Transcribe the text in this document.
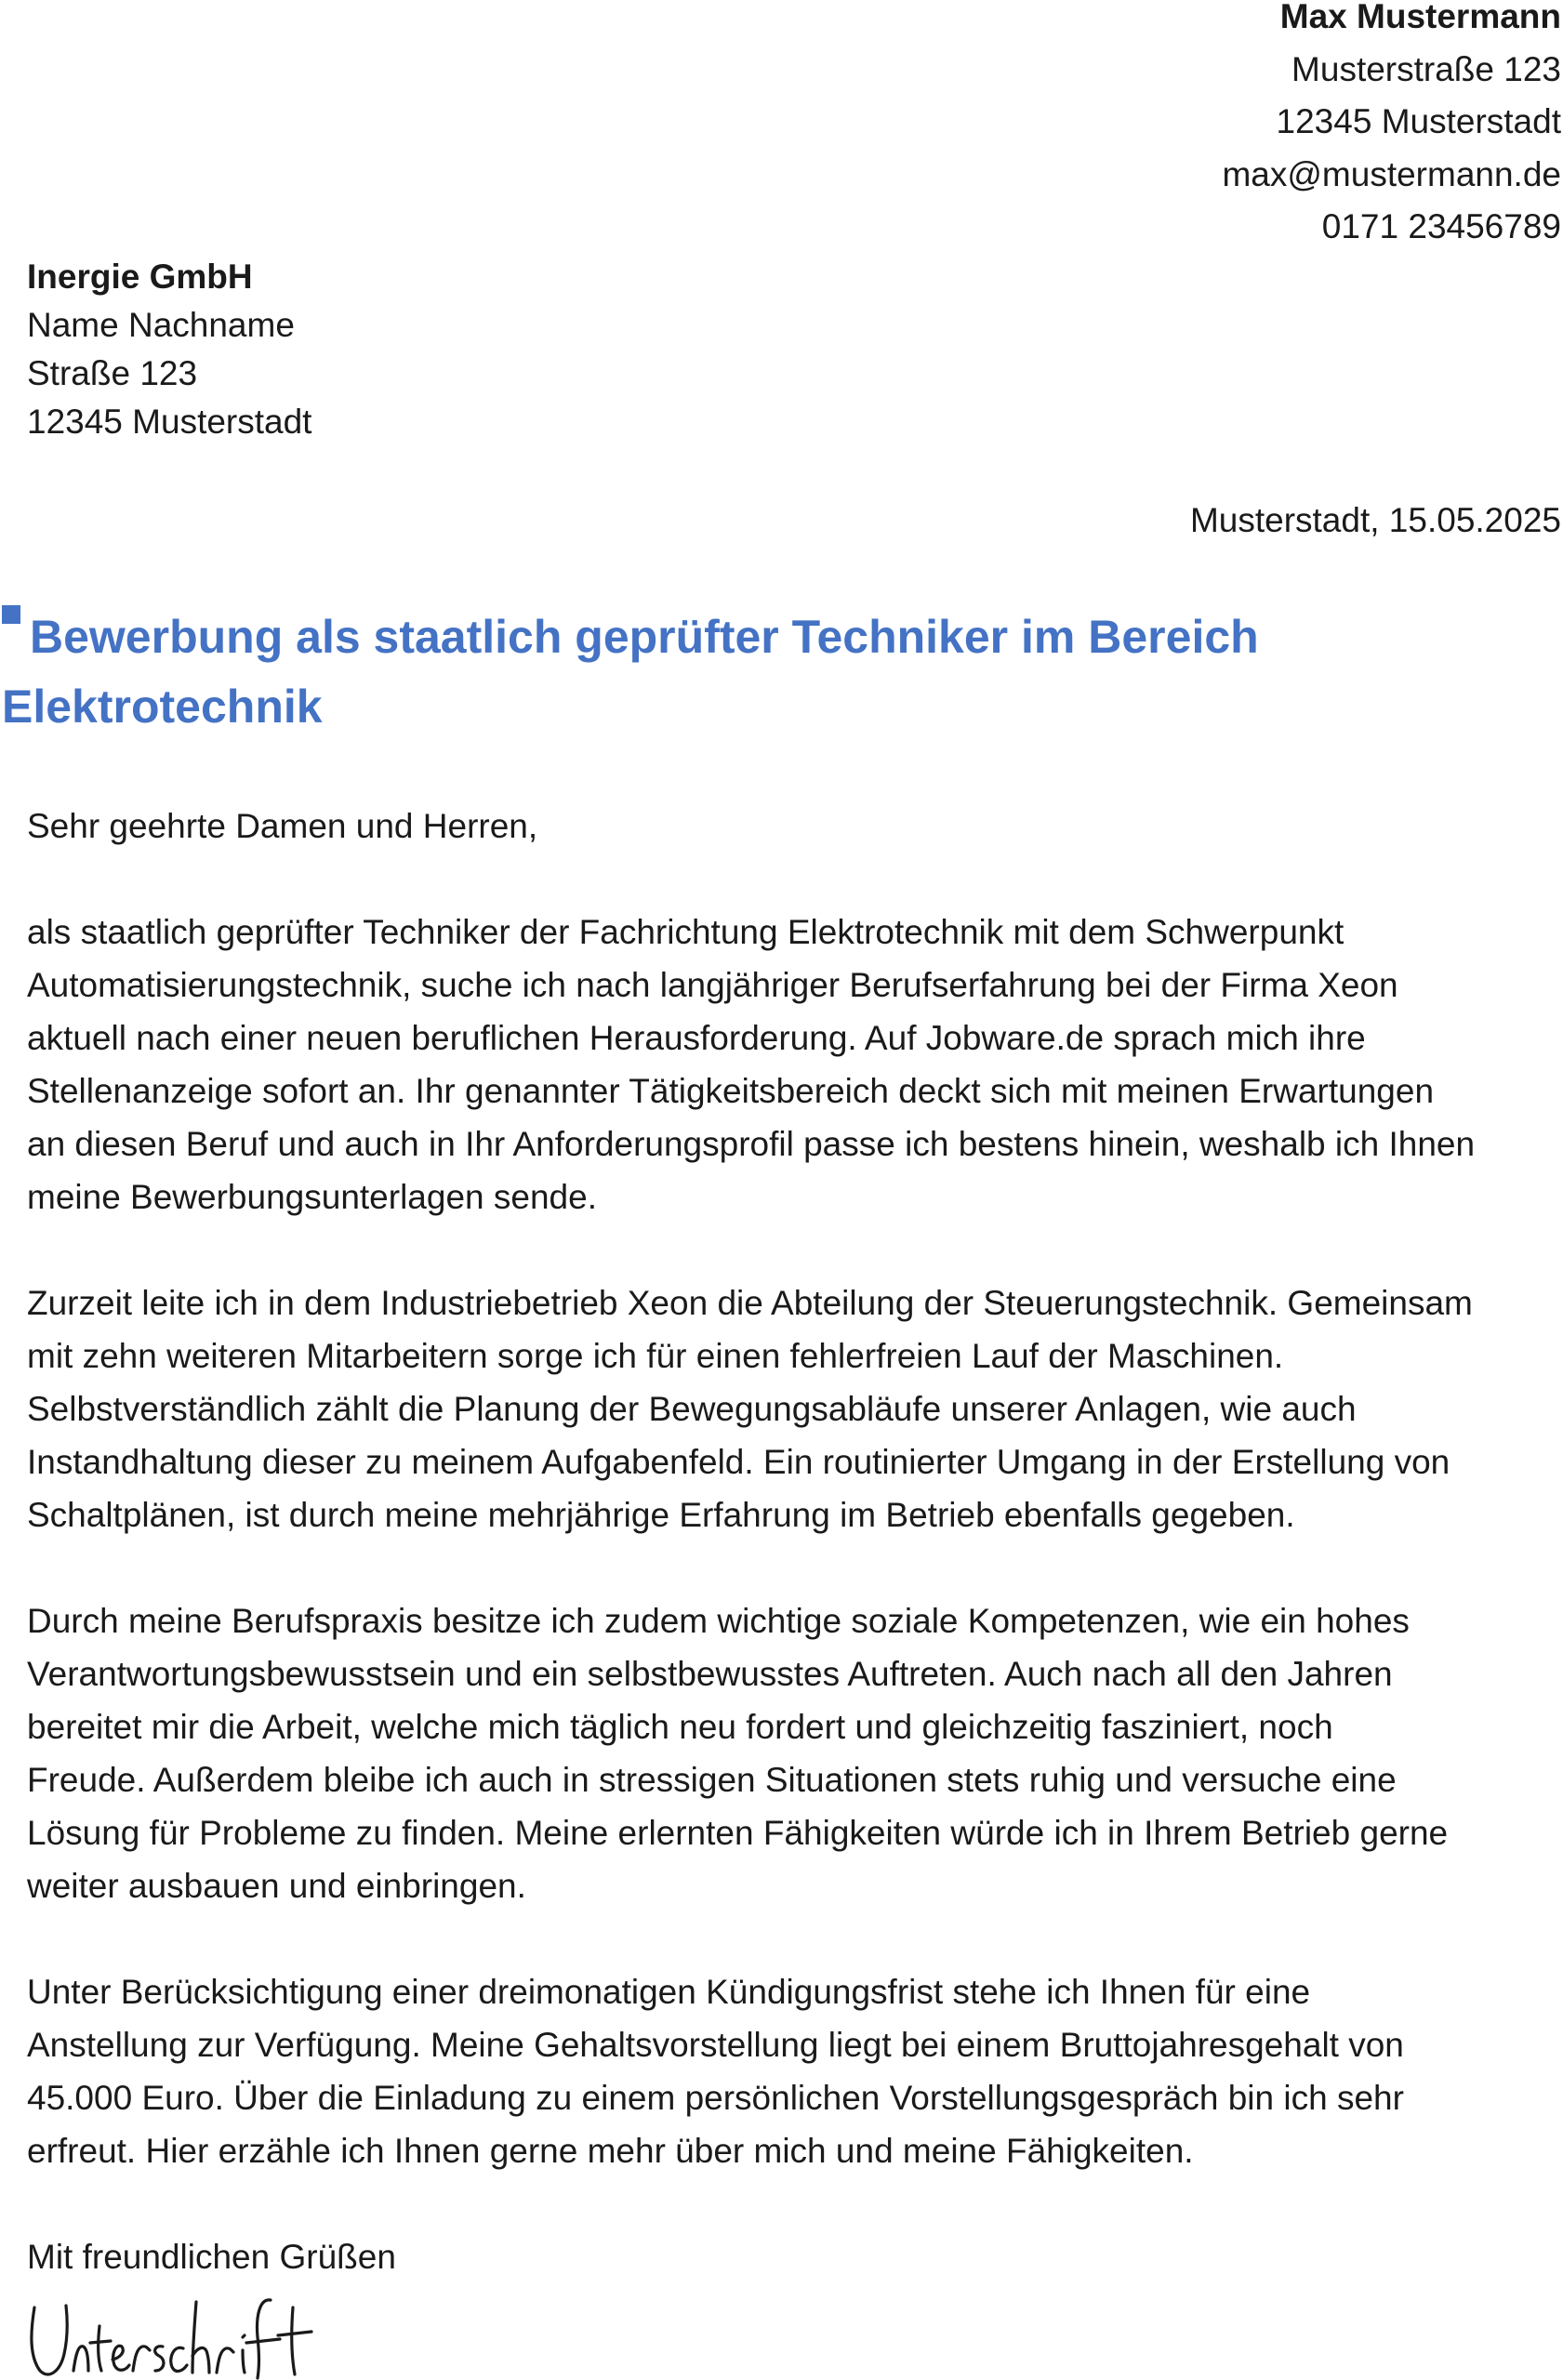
Max Mustermann
Musterstraße 123
12345 Musterstadt
max@mustermann.de
0171 23456789
Inergie GmbH
Name Nachname
Straße 123
12345 Musterstadt
Musterstadt, 15.05.2025
Bewerbung als staatlich geprüfter Techniker im Bereich
Elektrotechnik

Sehr geehrte Damen und Herren,

als staatlich geprüfter Techniker der Fachrichtung Elektrotechnik mit dem Schwerpunkt
Automatisierungstechnik, suche ich nach langjähriger Berufserfahrung bei der Firma Xeon
aktuell nach einer neuen beruflichen Herausforderung. Auf Jobware.de sprach mich ihre
Stellenanzeige sofort an. Ihr genannter Tätigkeitsbereich deckt sich mit meinen Erwartungen
an diesen Beruf und auch in Ihr Anforderungsprofil passe ich bestens hinein, weshalb ich Ihnen
meine Bewerbungsunterlagen sende.

Zurzeit leite ich in dem Industriebetrieb Xeon die Abteilung der Steuerungstechnik. Gemeinsam
mit zehn weiteren Mitarbeitern sorge ich für einen fehlerfreien Lauf der Maschinen.
Selbstverständlich zählt die Planung der Bewegungsabläufe unserer Anlagen, wie auch
Instandhaltung dieser zu meinem Aufgabenfeld. Ein routinierter Umgang in der Erstellung von
Schaltplänen, ist durch meine mehrjährige Erfahrung im Betrieb ebenfalls gegeben.

Durch meine Berufspraxis besitze ich zudem wichtige soziale Kompetenzen, wie ein hohes
Verantwortungsbewusstsein und ein selbstbewusstes Auftreten. Auch nach all den Jahren
bereitet mir die Arbeit, welche mich täglich neu fordert und gleichzeitig fasziniert, noch
Freude. Außerdem bleibe ich auch in stressigen Situationen stets ruhig und versuche eine
Lösung für Probleme zu finden. Meine erlernten Fähigkeiten würde ich in Ihrem Betrieb gerne
weiter ausbauen und einbringen.

Unter Berücksichtigung einer dreimonatigen Kündigungsfrist stehe ich Ihnen für eine
Anstellung zur Verfügung. Meine Gehaltsvorstellung liegt bei einem Bruttojahresgehalt von
45.000 Euro. Über die Einladung zu einem persönlichen Vorstellungsgespräch bin ich sehr
erfreut. Hier erzähle ich Ihnen gerne mehr über mich und meine Fähigkeiten.

Mit freundlichen Grüßen
